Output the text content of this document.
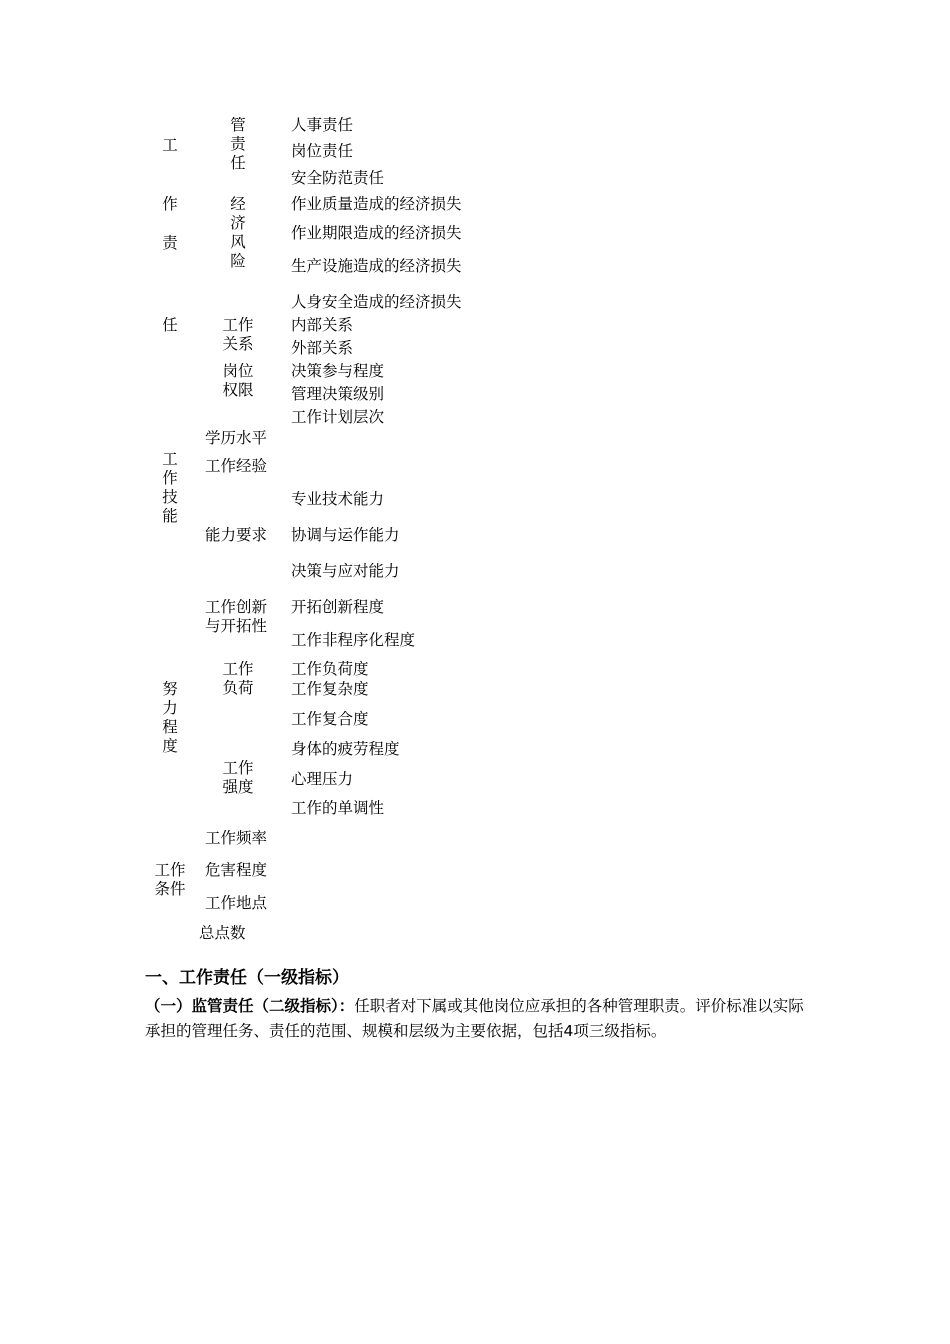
工
作
责
任
工
作
技
能
努
力
程
度
工作
条件
管
责
任
经
济
风
险
工作
关系
岗位
权限
学历水平
工作经验
能力要求
工作创新
与开拓性
工作
负荷
工作
强度
工作频率
危害程度
工作地点
总点数
人事责任
岗位责任
安全防范责任
作业质量造成的经济损失
作业期限造成的经济损失
生产设施造成的经济损失
人身安全造成的经济损失
内部关系
外部关系
决策参与程度
管理决策级别
工作计划层次
专业技术能力
协调与运作能力
决策与应对能力
开拓创新程度
工作非程序化程度
工作负荷度
工作复杂度
工作复合度
身体的疲劳程度
心理压力
工作的单调性
一、工作责任（一级指标）
（一）监管责任（二级指标）：任职者对下属或其他岗位应承担的各种管理职责。评价标准以实际承担的管理任务、责任的范围、规模和层级为主要依据，包括4项三级指标。
